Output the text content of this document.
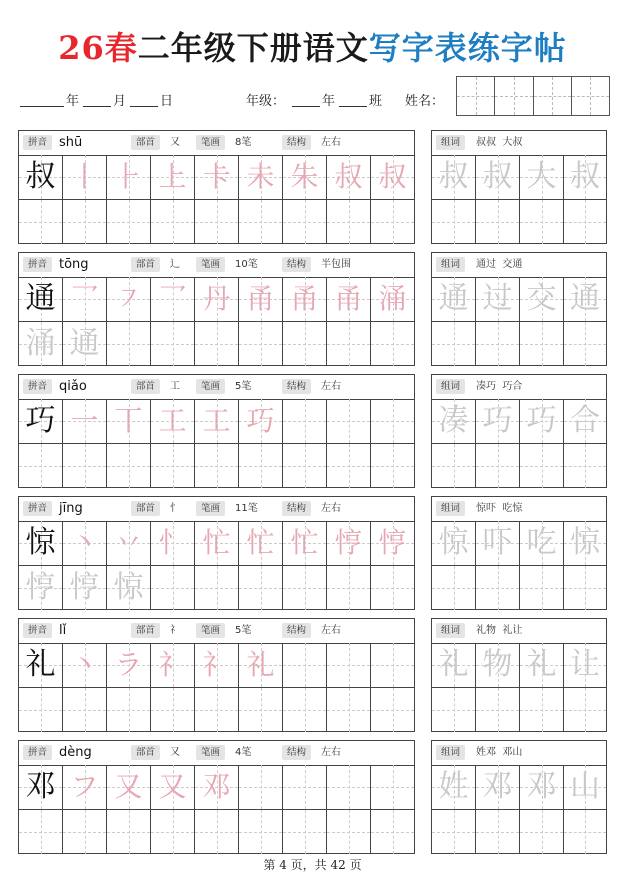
26春二年级下册语文写字表练字帖
年	月	日	年级：	年	班 姓名：
拼音 shū	部首	又	笔画	8笔	结构	左右
叔 丨 ⺊ 上 卡 未 朱 叔 叔
组词	叔叔  大叔
叔 叔 大 叔
拼音 tōng	部首	辶	笔画	10笔	结构	半包围
通 乛 ㇇ 乛 丹 甬 甬 甬 涌
涌 通
组词	通过  交通
通 过 交 通
拼音 qiǎo	部首	工	笔画	5笔	结构	左右
巧 一 丅 工 工 巧
组词	凑巧  巧合
凑 巧 巧 合
拼音 jīng	部首	忄	笔画	11笔	结构	左右
惊 丶 丷 忄 忙 忙 忙 悙 悙
悙 悙 惊
组词	惊吓  吃惊
惊 吓 吃 惊
拼音 lǐ	部首	礻	笔画	5笔	结构	左右
礼 丶 ラ 礻 礻 礼
组词	礼物  礼让
礼 物 礼 让
拼音 dèng	部首	又	笔画	4笔	结构	左右
邓 フ 又 又 邓
组词	姓邓  邓山
姓 邓 邓 山
第 4 页，共 42 页
